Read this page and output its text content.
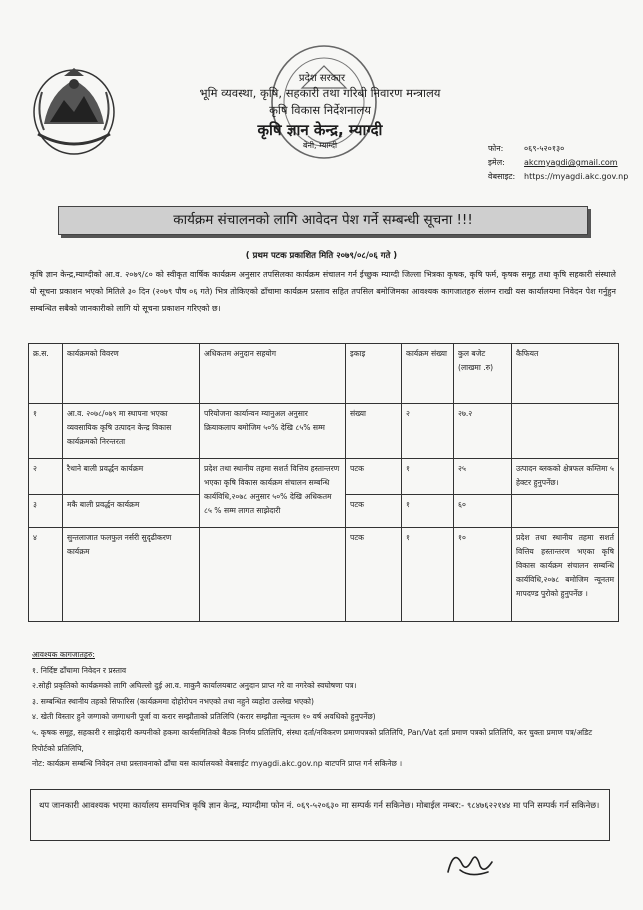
प्रदेश सरकार
भूमि व्यवस्था, कृषि, सहकारी तथा गरिबी निवारण मन्त्रालय
कृषि विकास निर्देशनालय
कृषि ज्ञान केन्द्र, म्याग्दी
बेनी, म्याग्दी	फोन:	०६९-५२०१३०
इमेल: akcmyagdi@gmail.com
वेबसाइट: https://myagdi.akc.gov.np
कार्यक्रम संचालनको लागि आवेदन पेश गर्ने सम्बन्धी सूचना !!!
( प्रथम पटक प्रकाशित मिति २०७९/०८/०६ गते )
कृषि ज्ञान केन्द्र,म्याग्दीको आ.व. २०७९/८० को स्वीकृत वार्षिक कार्यक्रम अनुसार तपसिलका कार्यक्रम संचालन गर्न ईच्छुक म्याग्दी जिल्ला भित्रका कृषक, कृषि फर्म, कृषक समूह तथा कृषि सहकारी संस्थाले यो सूचना प्रकाशन भएको मितिले ३० दिन (२०७९ पौष ०६ गते) भित्र तोकिएको ढाँचामा कार्यक्रम प्रस्ताव सहित तपसिल बमोजिमका आवश्यक कागजातहरु संलग्न राखी यस कार्यालयमा निवेदन पेश गर्नुहुन सम्बन्धित सबैको जानकारीको लागि यो सूचना प्रकाशन गरिएको छ।
क्र.स.	कार्यक्रमको विवरण	अधिकतम अनुदान सहयोग	इकाइ	कार्यक्रम संख्या	कुल बजेट (लाखमा .रु)	कैफियत
१	आ.व. २०७८/०७९ मा स्थापना भएका व्यवसायिक कृषि उत्पादन केन्द्र विकास कार्यक्रमको निरन्तरता	परियोजना कार्यान्वन म्यानुअल अनुसार क्रियाकलाप बमोजिम ५०% देखि ८५% सम्म	संख्या	२	२७.२	
२	रैथाने बाली प्रवर्द्धन कार्यक्रम	प्रदेश तथा स्थानीय तहमा सशर्त वित्तिय हस्तान्तरण भएका कृषि विकास कार्यक्रम संचालन सम्बन्धि कार्यविधि,२०७८ अनुसार ५०% देखि अधिकतम ८५ % सम्म लागत साझेदारी	पटक	१	२५	उत्पादन ब्लकको क्षेत्रफल कम्तिमा ५ हेक्टर हुनुपर्नेछ।
३	मकै बाली प्रवर्द्धन कार्यक्रम		पटक	१	६०	
४	सुन्तलाजात फलफुल नर्सरी सुदृढीकरण कार्यक्रम		पटक	१	१०	प्रदेश तथा स्थानीय तहमा सशर्त वित्तिय हस्तान्तरण भएका कृषि विकास कार्यक्रम संचालन सम्बन्धि कार्यविधि,२०७८ बमोजिम न्यूनतम मापदण्ड पुरोको हुनुपर्नेछ ।
आवश्यक कागजातहरु:
१. निर्दिष्ट ढाँचामा निवेदन र प्रस्ताव
२.सोही प्रकृतिको कार्यक्रमको लागि अघिल्लो दुई आ.व. माकुनै कार्यालयबाट अनुदान प्राप्त गरे वा नगरेको स्वघोषणा पत्र।
३. सम्बन्धित स्थानीय तहको सिफारिस (कार्यक्रममा दोहोरोपन नभएको तथा नहुने व्यहोरा उल्लेख भएको)
४. खेती विस्तार हुने जग्गाको जग्गाधनी पूर्जा वा करार सम्झौताको प्रतिलिपि (करार सम्झौता न्यूनतम १० वर्ष अवधिको हुनुपर्नेछ)
५. कृषक समूह, सहकारी र साझेदारी कम्पनीको हकमा कार्यसमितिको बैठक निर्णय प्रतिलिपि, संस्था दर्ता/नविकरण प्रमाणपत्रको प्रतिलिपि, Pan/Vat दर्ता प्रमाण पत्रको प्रतिलिपि, कर चुक्ता प्रमाण पत्र/अडिट रिपोर्टको प्रतिलिपि,
नोट: कार्यक्रम सम्बन्धि निवेदन तथा प्रस्तावनाको ढाँचा यस कार्यालयको वेबसाईट myagdi.akc.gov.np बाटपनि प्राप्त गर्न सकिनेछ ।
थप जानकारी आवश्यक भएमा कार्यालय समयभित्र कृषि ज्ञान केन्द्र, म्याग्दीमा फोन नं. ०६९-५२०६३० मा सम्पर्क गर्न सकिनेछ। मोबाईल नम्बर:- ९८४७६२२१४४ मा पनि सम्पर्क गर्न सकिनेछ।
